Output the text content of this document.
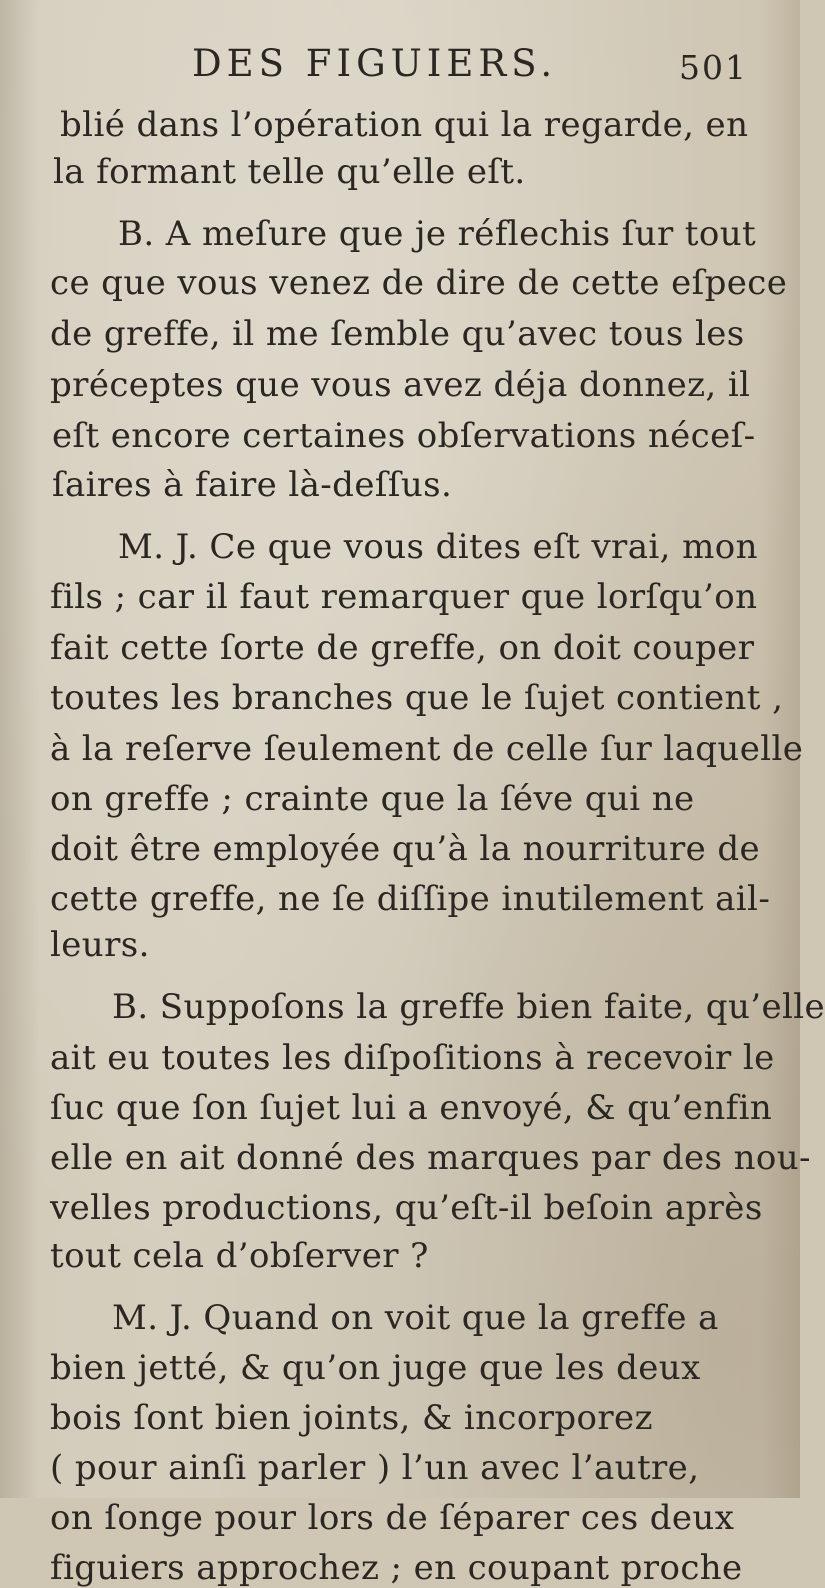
DES FIGUIERS.	501
blié dans l’opération qui la regarde, en
la formant telle qu’elle eſt.
B. A meſure que je réflechis ſur tout
ce que vous venez de dire de cette eſpece
de greffe, il me ſemble qu’avec tous les
préceptes que vous avez déja donnez, il
eſt encore certaines obſervations néceſ-
ſaires à faire là-deſſus.
M. J. Ce que vous dites eſt vrai, mon
fils ; car il faut remarquer que lorſqu’on
fait cette ſorte de greffe, on doit couper
toutes les branches que le ſujet contient ,
à la reſerve ſeulement de celle ſur laquelle
on greffe ; crainte que la ſéve qui ne
doit être employée qu’à la nourriture de
cette greffe, ne ſe diſſipe inutilement ail-
leurs.
B. Suppoſons la greffe bien faite, qu’elle
ait eu toutes les diſpoſitions à recevoir le
ſuc que ſon ſujet lui a envoyé, & qu’enfin
elle en ait donné des marques par des nou-
velles productions, qu’eſt-il beſoin après
tout cela d’obſerver ?
M. J. Quand on voit que la greffe a
bien jetté, & qu’on juge que les deux
bois ſont bien joints, & incorporez
( pour ainſi parler ) l’un avec l’autre,
on ſonge pour lors de ſéparer ces deux
figuiers approchez ; en coupant proche
